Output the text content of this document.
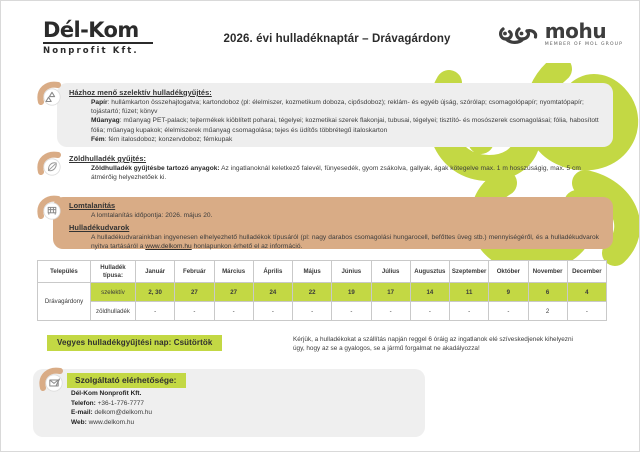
Dél-Kom
Nonprofit Kft.
2026. évi hulladéknaptár – Drávagárdony	mohu
MEMBER OF MOL GROUP
Házhoz menő szelektív hulladékgyűjtés:

Papír: hullámkarton összehajtogatva; kartondoboz (pl: élelmiszer, kozmetikum doboza, cipősdoboz); reklám- és egyéb újság, szórólap; csomagolópapír; nyomtatópapír; tojástartó; füzet; könyv

Műanyag: műanyag PET-palack; tejtermékek kiöblített poharai, tégelyei; kozmetikai szerek flakonjai, tubusai, tégelyei; tisztító- és mosószerek csomagolásai; fólia, habosított fólia; műanyag kupakok; élelmiszerek műanyag csomagolása; tejes és üdítős többrétegű italoskarton

Fém: fém italosdoboz; konzervdoboz; fémkupak

Zöldhulladék gyűjtés:

Zöldhulladék gyűjtésbe tartozó anyagok: Az ingatlanoknál keletkező falevél, fünyesedék, gyom zsákolva, gallyak, ágak kötegelve max. 1 m hosszúságig, max. 5 cm átmérőig helyezhetőek ki.

Lomtalanítás

A lomtalanítás időpontja: 2026. május 20.

Hulladékudvarok

A hulladékudvarainkban ingyenesen elhelyezhető hulladékok típusáról (pl: nagy darabos csomagolási hungarocell, befőttes üveg stb.) mennyiségéről, és a hulladékudvarok nyitva tartásáról a www.delkom.hu honlapunkon érhető el az információ.

Település	Hulladék típusa:	Január	Február	Március	Április	Május	Június	Július	Augusztus	Szeptember	Október	November	December
Drávagárdony	szelektív	2, 30	27	27	24	22	19	17	14	11	9	6	4
	zöldhulladék	-	-	-	-	-	-	-	-	-	-	2	-
Vegyes hulladékgyűjtési nap: Csütörtök	Kérjük, a hulladékokat a szállítás napján reggel 6 óráig az ingatlanok elé szíveskedjenek kihelyezni úgy, hogy az se a gyalogos, se a jármű forgalmat ne akadályozza!
Szolgáltató elérhetősége:

Dél-Kom Nonprofit Kft.

Telefon: +36-1-776-7777

E-mail: delkom@delkom.hu

Web: www.delkom.hu
